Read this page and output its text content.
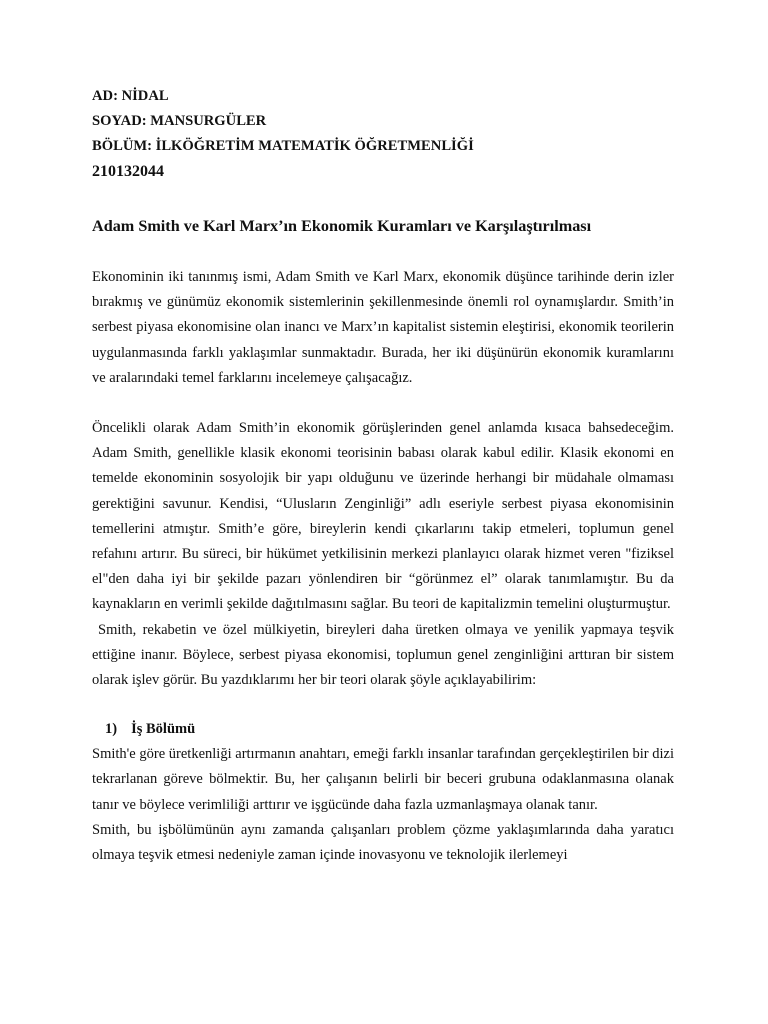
AD: NİDAL
SOYAD: MANSURGÜLER
BÖLÜM: İLKÖĞRETİM MATEMATİK ÖĞRETMENLİĞİ
210132044
Adam Smith ve Karl Marx’ın Ekonomik Kuramları ve Karşılaştırılması

Ekonominin iki tanınmış ismi, Adam Smith ve Karl Marx, ekonomik düşünce tarihinde derin izler bırakmış ve günümüz ekonomik sistemlerinin şekillenmesinde önemli rol oynamışlardır. Smith’in serbest piyasa ekonomisine olan inancı ve Marx’ın kapitalist sistemin eleştirisi, ekonomik teorilerin uygulanmasında farklı yaklaşımlar sunmaktadır. Burada, her iki düşünürün ekonomik kuramlarını ve aralarındaki temel farklarını incelemeye çalışacağız.

Öncelikli olarak Adam Smith’in ekonomik görüşlerinden genel anlamda kısaca bahsedeceğim. Adam Smith, genellikle klasik ekonomi teorisinin babası olarak kabul edilir. Klasik ekonomi en temelde ekonominin sosyolojik bir yapı olduğunu ve üzerinde herhangi bir müdahale olmaması gerektiğini savunur. Kendisi, “Ulusların Zenginliği” adlı eseriyle serbest piyasa ekonomisinin temellerini atmıştır. Smith’e göre, bireylerin kendi çıkarlarını takip etmeleri, toplumun genel refahını artırır. Bu süreci, bir hükümet yetkilisinin merkezi planlayıcı olarak hizmet veren "fiziksel el"den daha iyi bir şekilde pazarı yönlendiren bir “görünmez el” olarak tanımlamıştır. Bu da kaynakların en verimli şekilde dağıtılmasını sağlar. Bu teori de kapitalizmin temelini oluşturmuştur.

Smith, rekabetin ve özel mülkiyetin, bireyleri daha üretken olmaya ve yenilik yapmaya teşvik ettiğine inanır. Böylece, serbest piyasa ekonomisi, toplumun genel zenginliğini arttıran bir sistem olarak işlev görür. Bu yazdıklarımı her bir teori olarak şöyle açıklayabilirim:

1) İş Bölümü

Smith'e göre üretkenliği artırmanın anahtarı, emeği farklı insanlar tarafından gerçekleştirilen bir dizi tekrarlanan göreve bölmektir. Bu, her çalışanın belirli bir beceri grubuna odaklanmasına olanak tanır ve böylece verimliliği arttırır ve işgücünde daha fazla uzmanlaşmaya olanak tanır.

Smith, bu işbölümünün aynı zamanda çalışanları problem çözme yaklaşımlarında daha yaratıcı olmaya teşvik etmesi nedeniyle zaman içinde inovasyonu ve teknolojik ilerlemeyi
